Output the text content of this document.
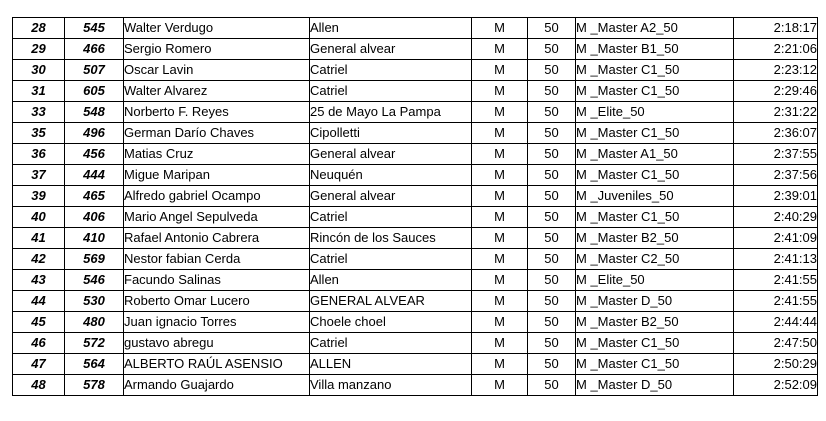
28	545	Walter Verdugo	Allen	M	50	M _Master A2_50	2:18:17
29	466	Sergio Romero	General alvear	M	50	M _Master B1_50	2:21:06
30	507	Oscar Lavin	Catriel	M	50	M _Master C1_50	2:23:12
31	605	Walter Alvarez	Catriel	M	50	M _Master C1_50	2:29:46
33	548	Norberto F. Reyes	25 de Mayo La Pampa	M	50	M _Elite_50	2:31:22
35	496	German Darío Chaves	Cipolletti	M	50	M _Master C1_50	2:36:07
36	456	Matias Cruz	General alvear	M	50	M _Master A1_50	2:37:55
37	444	Migue Maripan	Neuquén	M	50	M _Master C1_50	2:37:56
39	465	Alfredo gabriel Ocampo	General alvear	M	50	M _Juveniles_50	2:39:01
40	406	Mario Angel Sepulveda	Catriel	M	50	M _Master C1_50	2:40:29
41	410	Rafael Antonio Cabrera	Rincón de los Sauces	M	50	M _Master B2_50	2:41:09
42	569	Nestor fabian Cerda	Catriel	M	50	M _Master C2_50	2:41:13
43	546	Facundo Salinas	Allen	M	50	M _Elite_50	2:41:55
44	530	Roberto Omar Lucero	GENERAL ALVEAR	M	50	M _Master D_50	2:41:55
45	480	Juan ignacio Torres	Choele choel	M	50	M _Master B2_50	2:44:44
46	572	gustavo abregu	Catriel	M	50	M _Master C1_50	2:47:50
47	564	ALBERTO RAÚL ASENSIO	ALLEN	M	50	M _Master C1_50	2:50:29
48	578	Armando Guajardo	Villa manzano	M	50	M _Master D_50	2:52:09
